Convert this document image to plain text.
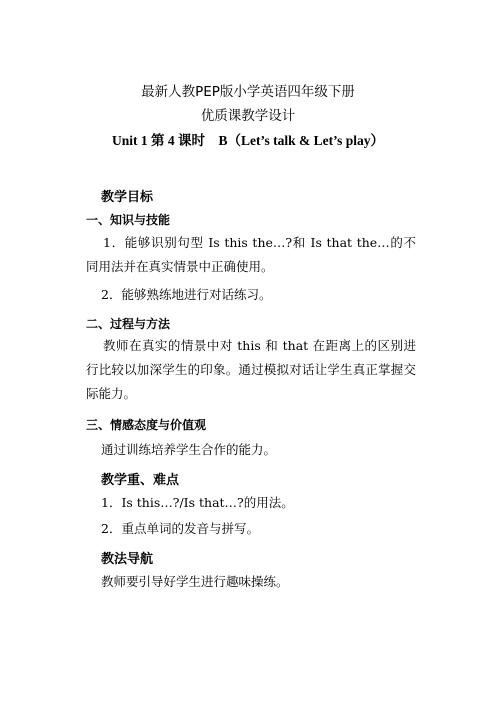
最新人教PEP版小学英语四年级下册
优质课教学设计
Unit 1 第 4 课时　B（Let’s talk & Let’s play）
教学目标
一、知识与技能
1．能够识别句型 Is this the…?和 Is that the…的不同用法并在真实情景中正确使用。
2．能够熟练地进行对话练习。
二、过程与方法
教师在真实的情景中对 this 和 that 在距离上的区别进行比较以加深学生的印象。通过模拟对话让学生真正掌握交际能力。
三、情感态度与价值观
通过训练培养学生合作的能力。
教学重、难点
1．Is this…?/Is that…?的用法。
2．重点单词的发音与拼写。
教法导航
教师要引导好学生进行趣味操练。
